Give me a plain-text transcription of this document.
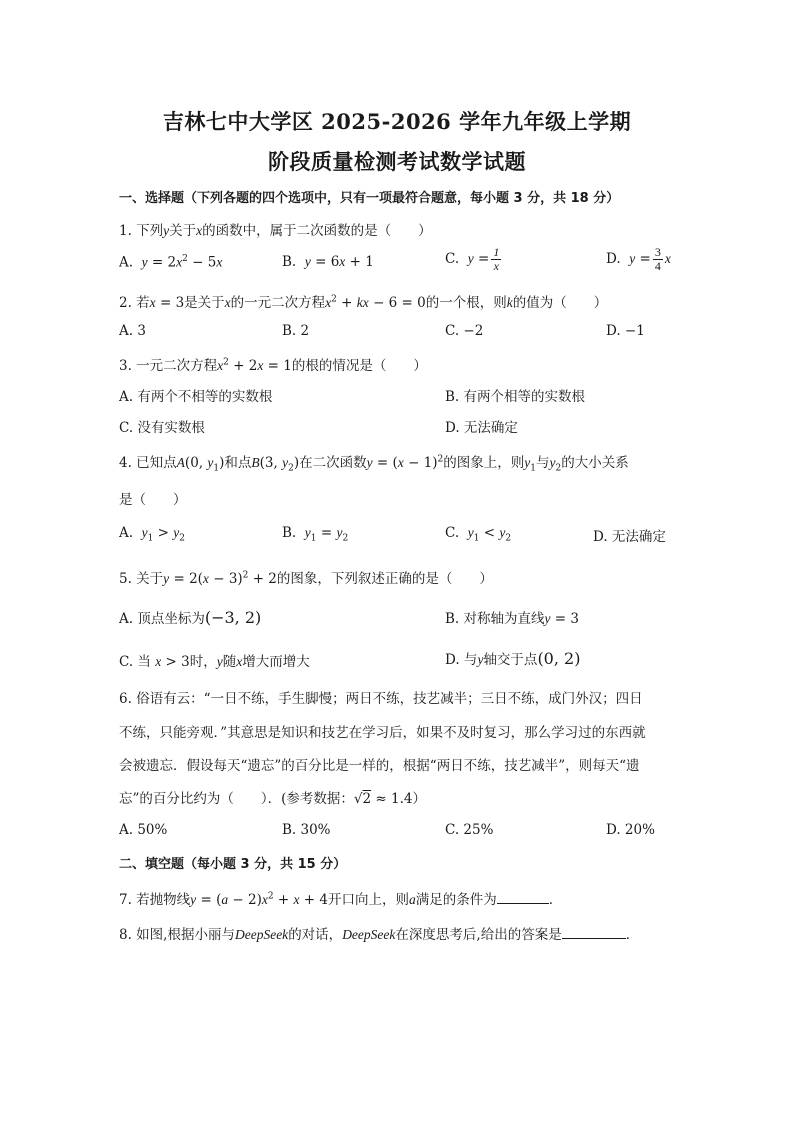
吉林七中大学区 2025-2026 学年九年级上学期
阶段质量检测考试数学试题
一、选择题（下列各题的四个选项中，只有一项最符合题意，每小题 3 分，共 18 分）
1. 下列y关于x的函数中，属于二次函数的是（　　）
A. $y = 2x^2 - 5x$	B. y = 6x + 1	C. $y = \frac{1}{x}$	D. $y = \frac{3}{4}$ x
2. 若x = 3是关于x的一元二次方程$x^2$ + kx − 6 = 0的一个根，则k的值为（　　）
A. 3	B. 2	C. −2	D. −1
3. 一元二次方程$x^2 + 2x = 1$的根的情况是（　　）
A. 有两个不相等的实数根	B. 有两个相等的实数根
C. 没有实数根	D. 无法确定
4. 已知点A(0, $y_1$)和点B(3, $y_2$)在二次函数$y = (x - 1)^2$的图象上，则$y_1$与$y_2$的大小关系
是（　　）
A.  $y_1 > y_2$	B.  $y_1 = y_2$	C.  $y_1 < y_2$	D. 无法确定
5. 关于$y = 2(x - 3)^2 + 2$的图象，下列叙述正确的是（　　）
A. 顶点坐标为(−3, 2)	B. 对称轴为直线y = 3
C. 当 x > 3时，y随x增大而增大	D. 与y轴交于点(0, 2)
6. 俗语有云：“一日不练，手生脚慢；两日不练，技艺减半；三日不练，成门外汉；四日
不练，只能旁观．”其意思是知识和技艺在学习后，如果不及时复习，那么学习过的东西就
会被遗忘．假设每天“遗忘”的百分比是一样的，根据“两日不练，技艺减半”，则每天“遗
忘”的百分比约为（　　）．(参考数据：√2 ≈ 1.4）
A. 50%	B. 30%	C. 25%	D. 20%
二、填空题（每小题 3 分，共 15 分）
7. 若抛物线$y = (a - 2)x^2 + x + 4$开口向上，则a满足的条件为	．
8. 如图,根据小丽与DeepSeek的对话，DeepSeek在深度思考后,给出的答案是	．
